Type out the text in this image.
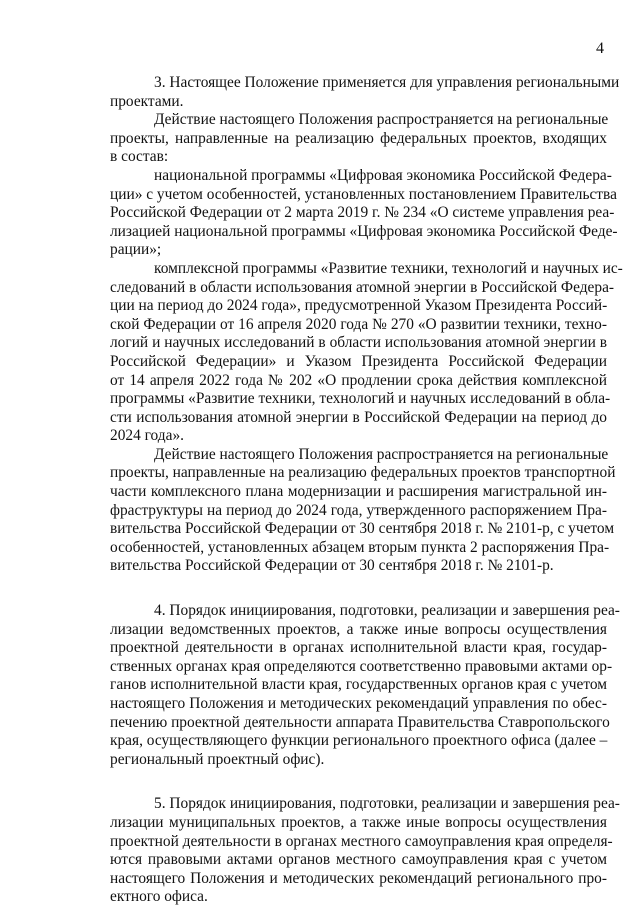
4
3. Настоящее Положение применяется для управления региональными
проектами.
Действие настоящего Положения распространяется на региональные
проекты, направленные на реализацию федеральных проектов, входящих
в состав:
национальной программы «Цифровая экономика Российской Федера-
ции» с учетом особенностей, установленных постановлением Правительства
Российской Федерации от 2 марта 2019 г. № 234 «О системе управления реа-
лизацией национальной программы «Цифровая экономика Российской Феде-
рации»;
комплексной программы «Развитие техники, технологий и научных ис-
следований в области использования атомной энергии в Российской Федера-
ции на период до 2024 года», предусмотренной Указом Президента Россий-
ской Федерации от 16 апреля 2020 года № 270 «О развитии техники, техно-
логий и научных исследований в области использования атомной энергии в
Российской Федерации» и Указом Президента Российской Федерации
от 14 апреля 2022 года № 202 «О продлении срока действия комплексной
программы «Развитие техники, технологий и научных исследований в обла-
сти использования атомной энергии в Российской Федерации на период до
2024 года».
Действие настоящего Положения распространяется на региональные
проекты, направленные на реализацию федеральных проектов транспортной
части комплексного плана модернизации и расширения магистральной ин-
фраструктуры на период до 2024 года, утвержденного распоряжением Пра-
вительства Российской Федерации от 30 сентября 2018 г. № 2101-р, с учетом
особенностей, установленных абзацем вторым пункта 2 распоряжения Пра-
вительства Российской Федерации от 30 сентября 2018 г. № 2101-р.
4. Порядок инициирования, подготовки, реализации и завершения реа-
лизации ведомственных проектов, а также иные вопросы осуществления
проектной деятельности в органах исполнительной власти края, государ-
ственных органах края определяются соответственно правовыми актами ор-
ганов исполнительной власти края, государственных органов края с учетом
настоящего Положения и методических рекомендаций управления по обес-
печению проектной деятельности аппарата Правительства Ставропольского
края, осуществляющего функции регионального проектного офиса (далее –
региональный проектный офис).
5. Порядок инициирования, подготовки, реализации и завершения реа-
лизации муниципальных проектов, а также иные вопросы осуществления
проектной деятельности в органах местного самоуправления края определя-
ются правовыми актами органов местного самоуправления края с учетом
настоящего Положения и методических рекомендаций регионального про-
ектного офиса.
